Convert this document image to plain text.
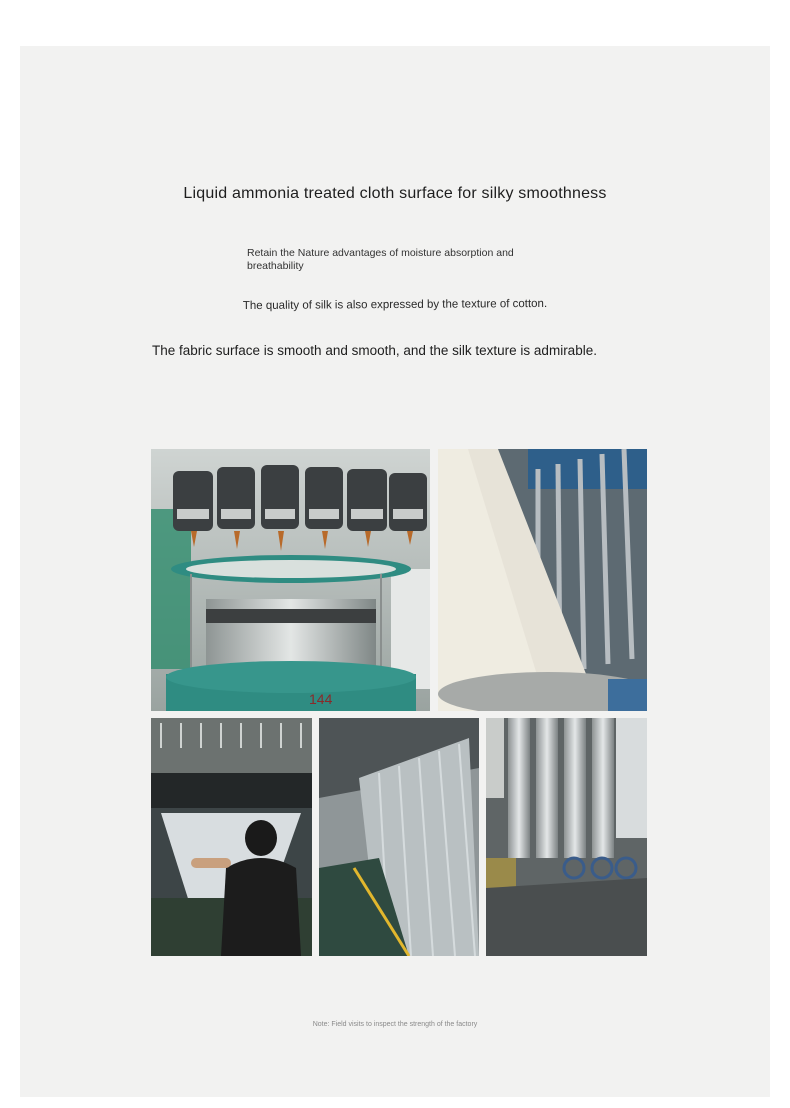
Liquid ammonia treated cloth surface for silky smoothness
Retain the Nature advantages of moisture absorption and breathability
The quality of silk is also expressed by the texture of cotton.
The fabric surface is smooth and smooth, and the silk texture is admirable.
144
Note: Field visits to inspect the strength of the factory
